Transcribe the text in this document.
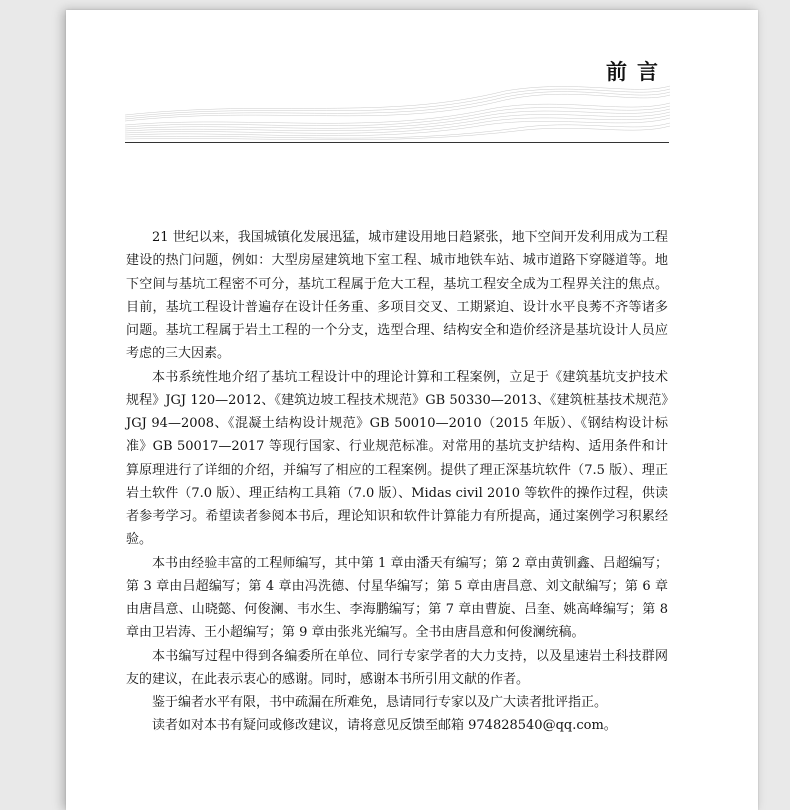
前言

21 世纪以来，我国城镇化发展迅猛，城市建设用地日趋紧张，地下空间开发利用成为工程建设的热门问题，例如：大型房屋建筑地下室工程、城市地铁车站、城市道路下穿隧道等。地下空间与基坑工程密不可分，基坑工程属于危大工程，基坑工程安全成为工程界关注的焦点。目前，基坑工程设计普遍存在设计任务重、多项目交叉、工期紧迫、设计水平良莠不齐等诸多问题。基坑工程属于岩土工程的一个分支，选型合理、结构安全和造价经济是基坑设计人员应考虑的三大因素。

本书系统性地介绍了基坑工程设计中的理论计算和工程案例，立足于《建筑基坑支护技术规程》JGJ 120—2012、《建筑边坡工程技术规范》GB 50330—2013、《建筑桩基技术规范》JGJ 94—2008、《混凝土结构设计规范》GB 50010—2010（2015 年版）、《钢结构设计标准》GB 50017—2017 等现行国家、行业规范标准。对常用的基坑支护结构、适用条件和计算原理进行了详细的介绍，并编写了相应的工程案例。提供了理正深基坑软件（7.5 版）、理正岩土软件（7.0 版）、理正结构工具箱（7.0 版）、Midas civil 2010 等软件的操作过程，供读者参考学习。希望读者参阅本书后，理论知识和软件计算能力有所提高，通过案例学习积累经验。

本书由经验丰富的工程师编写，其中第 1 章由潘天有编写；第 2 章由黄钏鑫、吕超编写；第 3 章由吕超编写；第 4 章由冯洗德、付星华编写；第 5 章由唐昌意、刘文献编写；第 6 章由唐昌意、山晓懿、何俊澜、韦水生、李海鹏编写；第 7 章由曹旋、吕奎、姚高峰编写；第 8 章由卫岩涛、王小超编写；第 9 章由张兆光编写。全书由唐昌意和何俊澜统稿。

本书编写过程中得到各编委所在单位、同行专家学者的大力支持，以及星速岩土科技群网友的建议，在此表示衷心的感谢。同时，感谢本书所引用文献的作者。

鉴于编者水平有限，书中疏漏在所难免，恳请同行专家以及广大读者批评指正。

读者如对本书有疑问或修改建议，请将意见反馈至邮箱 974828540@qq.com。
